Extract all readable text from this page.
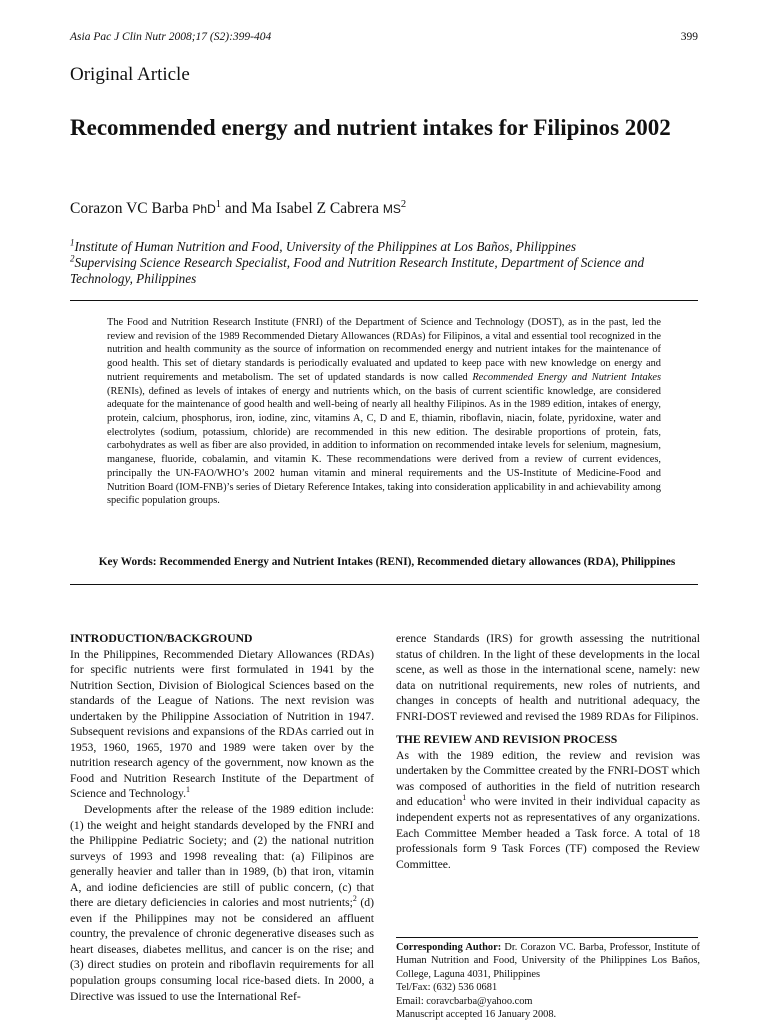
Asia Pac J Clin Nutr 2008;17 (S2):399-404	399
Original Article
Recommended energy and nutrient intakes for Filipinos 2002
Corazon VC Barba PhD$^1$ and Ma Isabel Z Cabrera $MS^2$
$^1$Institute of Human Nutrition and Food, University of the Philippines at Los Baños, Philippines
$^2$Supervising Science Research Specialist, Food and Nutrition Research Institute, Department of Science and Technology, Philippines

The Food and Nutrition Research Institute (FNRI) of the Department of Science and Technology (DOST), as in the past, led the review and revision of the 1989 Recommended Dietary Allowances (RDAs) for Filipinos, a vital and essential tool recognized in the nutrition and health community as the source of information on recommended energy and nutrient intakes for the maintenance of good health. This set of dietary standards is periodically evaluated and updated to keep pace with new knowledge on energy and nutrient requirements and metabolism. The set of updated standards is now called Recommended Energy and Nutrient Intakes (RENIs), defined as levels of intakes of energy and nutrients which, on the basis of current scientific knowledge, are considered adequate for the maintenance of good health and well-being of nearly all healthy Filipinos. As in the 1989 edition, intakes of energy, protein, calcium, phosphorus, iron, iodine, zinc, vitamins A, C, D and E, thiamin, riboflavin, niacin, folate, pyridoxine, water and electrolytes (sodium, potassium, chloride) are recommended in this new edition. The desirable proportions of protein, fats, carbohydrates as well as fiber are also provided, in addition to information on recommended intake levels for selenium, magnesium, manganese, fluoride, cobalamin, and vitamin K. These recommendations were derived from a review of current evidences, principally the UN-FAO/WHO’s 2002 human vitamin and mineral requirements and the US-Institute of Medicine-Food and Nutrition Board (IOM-FNB)’s series of Dietary Reference Intakes, taking into consideration applicability in and achievability among specific population groups.

Key Words: Recommended Energy and Nutrient Intakes (RENI), Recommended dietary allowances (RDA), Philippines

INTRODUCTION/BACKGROUND

In the Philippines, Recommended Dietary Allowances (RDAs) for specific nutrients were first formulated in 1941 by the Nutrition Section, Division of Biological Sciences based on the standards of the League of Nations. The next revision was undertaken by the Philippine Association of Nutrition in 1947. Subsequent revisions and expansions of the RDAs carried out in 1953, 1960, 1965, 1970 and 1989 were taken over by the nutrition research agency of the government, now known as the Food and Nutrition Research Institute of the Department of Science and Technology.$^1$

Developments after the release of the 1989 edition include: (1) the weight and height standards developed by the FNRI and the Philippine Pediatric Society; and (2) the national nutrition surveys of 1993 and 1998 revealing that: (a) Filipinos are generally heavier and taller than in 1989, (b) that iron, vitamin A, and iodine deficiencies are still of public concern, (c) that there are dietary deficiencies in calories and most nutrients;$^2$ (d) even if the Philippines may not be considered an affluent country, the prevalence of chronic degenerative diseases such as heart diseases, diabetes mellitus, and cancer is on the rise; and (3) direct studies on protein and riboflavin requirements for all population groups consuming local rice-based diets. In 2000, a Directive was issued to use the International Ref-

erence Standards (IRS) for growth assessing the nutritional status of children. In the light of these developments in the local scene, as well as those in the international scene, namely: new data on nutritional requirements, new roles of nutrients, and changes in concepts of health and nutritional adequacy, the FNRI-DOST reviewed and revised the 1989 RDAs for Filipinos.

THE REVIEW AND REVISION PROCESS

As with the 1989 edition, the review and revision was undertaken by the Committee created by the FNRI-DOST which was composed of authorities in the field of nutrition research and education$^1$ who were invited in their individual capacity as independent experts not as representatives of any organizations. Each Committee Member headed a Task force. A total of 18 professionals form 9 Task Forces (TF) composed the Review Committee.

Corresponding Author: Dr. Corazon VC. Barba, Professor, Institute of Human Nutrition and Food, University of the Philippines Los Baños, College, Laguna 4031, Philippines
Tel/Fax: (632) 536 0681
Email: coravcbarba@yahoo.com
Manuscript accepted 16 January 2008.
